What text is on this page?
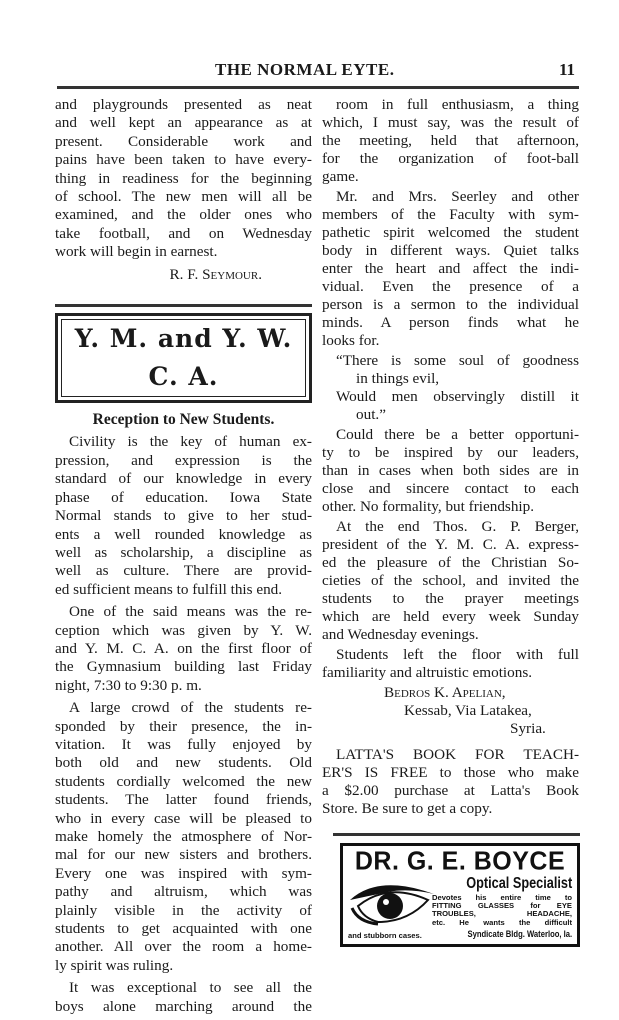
THE NORMAL EYTE.	11
and playgrounds presented as neat
and well kept an appearance as at
present. Considerable work and
pains have been taken to have every-
thing in readiness for the beginning
of school. The new men will all be
examined, and the older ones who
take football, and on Wednesday
work will begin in earnest.
R. F. Seymour.
Y. M. and Y. W. C. A.
Reception to New Students.
Civility is the key of human ex-
pression, and expression is the
standard of our knowledge in every
phase of education. Iowa State
Normal stands to give to her stud-
ents a well rounded knowledge as
well as scholarship, a discipline as
well as culture. There are provid-
ed sufficient means to fulfill this end.
One of the said means was the re-
ception which was given by Y. W.
and Y. M. C. A. on the first floor of
the Gymnasium building last Friday
night, 7:30 to 9:30 p. m.
A large crowd of the students re-
sponded by their presence, the in-
vitation. It was fully enjoyed by
both old and new students. Old
students cordially welcomed the new
students. The latter found friends,
who in every case will be pleased to
make homely the atmosphere of Nor-
mal for our new sisters and brothers.
Every one was inspired with sym-
pathy and altruism, which was
plainly visible in the activity of
students to get acquainted with one
another. All over the room a home-
ly spirit was ruling.
It was exceptional to see all the
boys alone marching around the
room in full enthusiasm, a thing
which, I must say, was the result of
the meeting, held that afternoon,
for the organization of foot-ball
game.
Mr. and Mrs. Seerley and other
members of the Faculty with sym-
pathetic spirit welcomed the student
body in different ways. Quiet talks
enter the heart and affect the indi-
vidual. Even the presence of a
person is a sermon to the individual
minds. A person finds what he
looks for.
“There is some soul of goodness
in things evil,
Would men observingly distill it
out.”
Could there be a better opportuni-
ty to be inspired by our leaders,
than in cases when both sides are in
close and sincere contact to each
other. No formality, but friendship.
At the end Thos. G. P. Berger,
president of the Y. M. C. A. express-
ed the pleasure of the Christian So-
cieties of the school, and invited the
students to the prayer meetings
which are held every week Sunday
and Wednesday evenings.
Students left the floor with full
familiarity and altruistic emotions.
Bedros K. Apelian,
Kessab, Via Latakea,
Syria.
LATTA'S BOOK FOR TEACH-
ER'S IS FREE to those who make
a $2.00 purchase at Latta's Book
Store. Be sure to get a copy.
DR. G. E. BOYCE
Optical Specialist
Devotes his entire time to
FITTING GLASSES for EYE
TROUBLES, HEADACHE,
etc. He wants the difficult
and stubborn cases.	Syndicate Bldg. Waterloo, Ia.
